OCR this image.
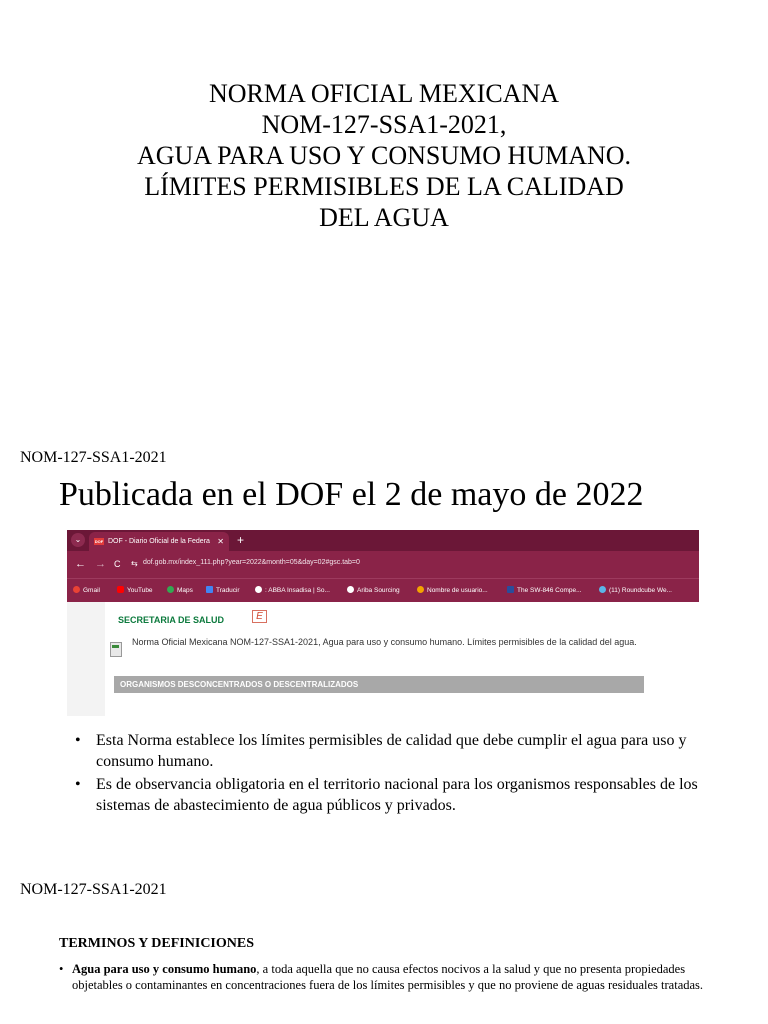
NORMA OFICIAL MEXICANA
NOM-127-SSA1-2021,
AGUA PARA USO Y CONSUMO HUMANO.
LÍMITES PERMISIBLES DE LA CALIDAD
DEL AGUA
NOM-127-SSA1-2021
Publicada en el DOF el 2 de mayo de 2022
⌄	DOF DOF - Diario Oficial de la Federa ✕ +
← → C ⇆ dof.gob.mx/index_111.php?year=2022&month=05&day=02#gsc.tab=0
Gmail	YouTube	Maps	Traducir	: ABBA Insadisa | So...	Ariba Sourcing	Nombre de usuario...	The SW-846 Compe...	(11) Roundcube We...
SECRETARIA DE SALUD	E
Norma Oficial Mexicana NOM-127-SSA1-2021, Agua para uso y consumo humano. Límites permisibles de la calidad del agua.
ORGANISMOS DESCONCENTRADOS O DESCENTRALIZADOS
• Esta Norma establece los límites permisibles de calidad que debe cumplir el agua para uso y consumo humano.
• Es de observancia obligatoria en el territorio nacional para los organismos responsables de los sistemas de abastecimiento de agua públicos y privados.
NOM-127-SSA1-2021
TERMINOS Y DEFINICIONES
• Agua para uso y consumo humano, a toda aquella que no causa efectos nocivos a la salud y que no presenta propiedades objetables o contaminantes en concentraciones fuera de los límites permisibles y que no proviene de aguas residuales tratadas.
